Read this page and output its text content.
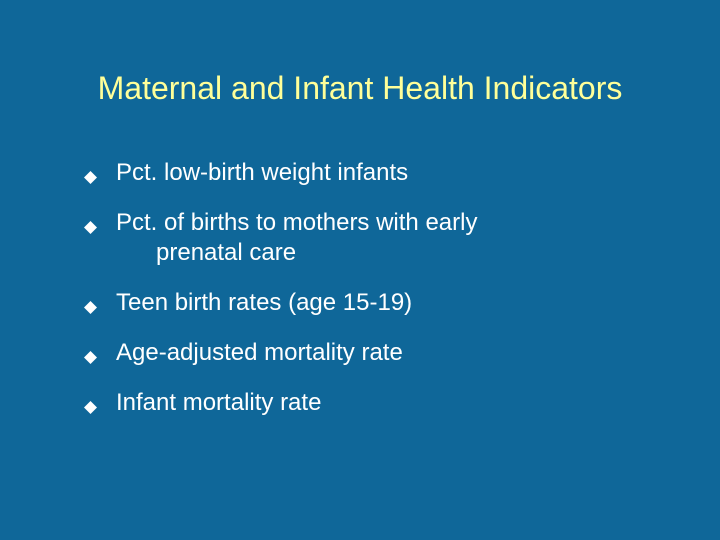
Maternal and Infant Health Indicators
Pct. low-birth weight infants
Pct. of births to mothers with early
prenatal care
Teen birth rates (age 15-19)
Age-adjusted mortality rate
Infant mortality rate
